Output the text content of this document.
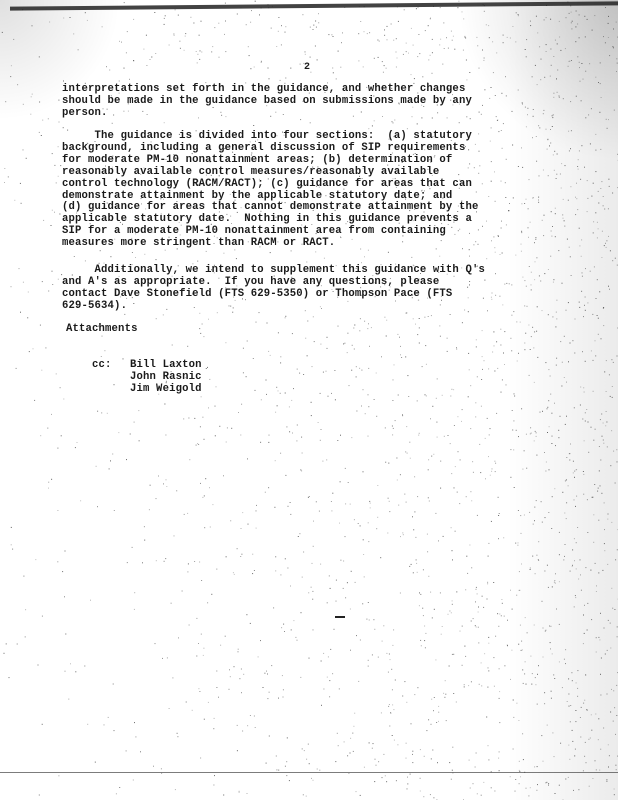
2
interpretations set forth in the guidance, and whether changes
should be made in the guidance based on submissions made by any
person.
The guidance is divided into four sections:  (a) statutory
background, including a general discussion of SIP requirements
for moderate PM-10 nonattainment areas; (b) determination of
reasonably available control measures/reasonably available
control technology (RACM/RACT); (c) guidance for areas that can
demonstrate attainment by the applicable statutory date; and
(d) guidance for areas that cannot demonstrate attainment by the
applicable statutory date.  Nothing in this guidance prevents a
SIP for a moderate PM-10 nonattainment area from containing
measures more stringent than RACM or RACT.
Additionally, we intend to supplement this guidance with Q's
and A's as appropriate.  If you have any questions, please
contact Dave Stonefield (FTS 629-5350) or Thompson Pace (FTS
629-5634).
Attachments

cc: Bill Laxton
John Rasnic
Jim Weigold
